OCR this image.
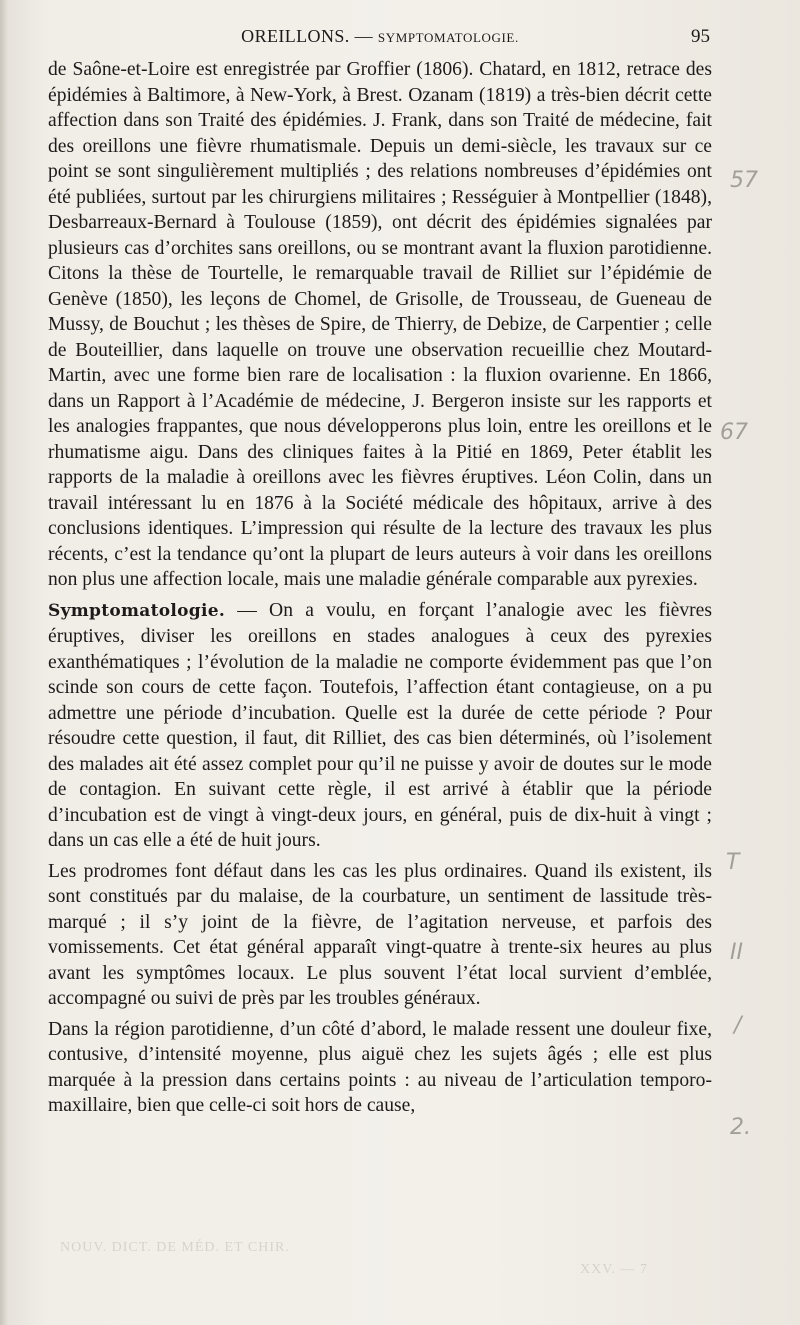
OREILLONS. — SYMPTOMATOLOGIE.	95

de Saône-et-Loire est enregistrée par Groffier (1806). Chatard, en 1812, retrace des épidémies à Baltimore, à New-York, à Brest. Ozanam (1819) a très-bien décrit cette affection dans son Traité des épidémies. J. Frank, dans son Traité de médecine, fait des oreillons une fièvre rhumatismale. Depuis un demi-siècle, les travaux sur ce point se sont singulièrement multipliés ; des relations nombreuses d’épidémies ont été publiées, surtout par les chirurgiens militaires ; Rességuier à Montpellier (1848), Desbarreaux-Bernard à Toulouse (1859), ont décrit des épidémies signalées par plusieurs cas d’orchites sans oreillons, ou se montrant avant la fluxion parotidienne. Citons la thèse de Tourtelle, le remarquable travail de Rilliet sur l’épidémie de Genève (1850), les leçons de Chomel, de Grisolle, de Trousseau, de Gueneau de Mussy, de Bouchut ; les thèses de Spire, de Thierry, de Debize, de Carpentier ; celle de Bouteillier, dans laquelle on trouve une observation recueillie chez Moutard-Martin, avec une forme bien rare de localisation : la fluxion ovarienne. En 1866, dans un Rapport à l’Académie de médecine, J. Bergeron insiste sur les rapports et les analogies frappantes, que nous développerons plus loin, entre les oreillons et le rhumatisme aigu. Dans des cliniques faites à la Pitié en 1869, Peter établit les rapports de la maladie à oreillons avec les fièvres éruptives. Léon Colin, dans un travail intéressant lu en 1876 à la Société médicale des hôpitaux, arrive à des conclusions identiques. L’impression qui résulte de la lecture des travaux les plus récents, c’est la tendance qu’ont la plupart de leurs auteurs à voir dans les oreillons non plus une affection locale, mais une maladie générale comparable aux pyrexies.

Symptomatologie. — On a voulu, en forçant l’analogie avec les fièvres éruptives, diviser les oreillons en stades analogues à ceux des pyrexies exanthématiques ; l’évolution de la maladie ne comporte évidemment pas que l’on scinde son cours de cette façon. Toutefois, l’affection étant contagieuse, on a pu admettre une période d’incubation. Quelle est la durée de cette période ? Pour résoudre cette question, il faut, dit Rilliet, des cas bien déterminés, où l’isolement des malades ait été assez complet pour qu’il ne puisse y avoir de doutes sur le mode de contagion. En suivant cette règle, il est arrivé à établir que la période d’incubation est de vingt à vingt-deux jours, en général, puis de dix-huit à vingt ; dans un cas elle a été de huit jours.

Les prodromes font défaut dans les cas les plus ordinaires. Quand ils existent, ils sont constitués par du malaise, de la courbature, un sentiment de lassitude très-marqué ; il s’y joint de la fièvre, de l’agitation nerveuse, et parfois des vomissements. Cet état général apparaît vingt-quatre à trente-six heures au plus avant les symptômes locaux. Le plus souvent l’état local survient d’emblée, accompagné ou suivi de près par les troubles généraux.

Dans la région parotidienne, d’un côté d’abord, le malade ressent une douleur fixe, contusive, d’intensité moyenne, plus aiguë chez les sujets âgés ; elle est plus marquée à la pression dans certains points : au niveau de l’articulation temporo-maxillaire, bien que celle-ci soit hors de cause,

NOUV. DICT. DE MÉD. ET CHIR.
XXV. — 7
57
67
T
II
/
2.
